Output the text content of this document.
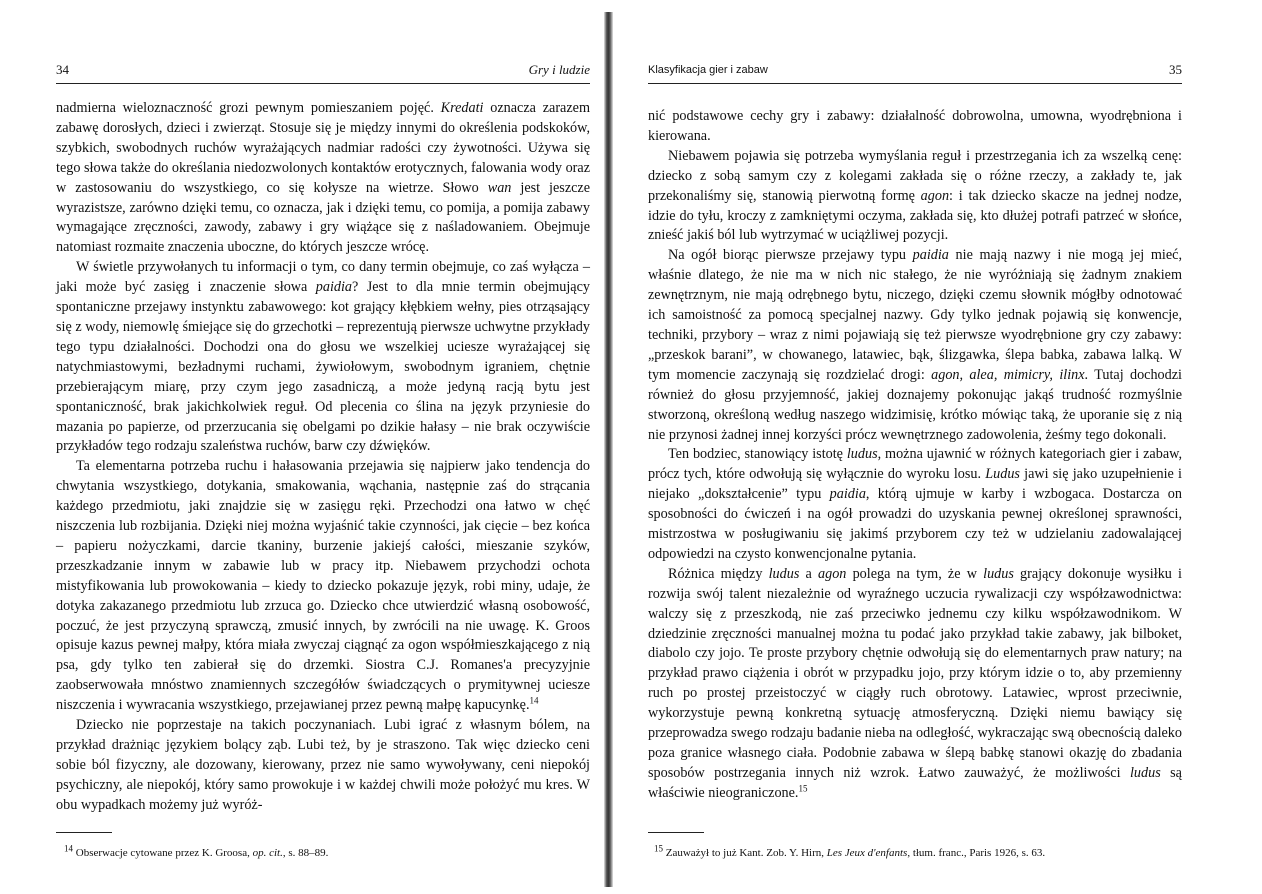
34	Gry i ludzie

nadmierna wieloznaczność grozi pewnym pomieszaniem pojęć. Kredati oznacza zarazem zabawę dorosłych, dzieci i zwierząt. Stosuje się je między innymi do określenia podskoków, szybkich, swobodnych ruchów wyrażających nadmiar radości czy żywotności. Używa się tego słowa także do określania niedozwolonych kontaktów erotycznych, falowania wody oraz w zastosowaniu do wszystkiego, co się kołysze na wietrze. Słowo wan jest jeszcze wyrazistsze, zarówno dzięki temu, co oznacza, jak i dzięki temu, co pomija, a pomija zabawy wymagające zręczności, zawody, zabawy i gry wiążące się z naśladowaniem. Obejmuje natomiast rozmaite znaczenia uboczne, do których jeszcze wrócę.

W świetle przywołanych tu informacji o tym, co dany termin obejmuje, co zaś wyłącza – jaki może być zasięg i znaczenie słowa paidia? Jest to dla mnie termin obejmujący spontaniczne przejawy instynktu zabawowego: kot grający kłębkiem wełny, pies otrząsający się z wody, niemowlę śmiejące się do grzechotki – reprezentują pierwsze uchwytne przykłady tego typu działalności. Dochodzi ona do głosu we wszelkiej uciesze wyrażającej się natychmiastowymi, bezładnymi ruchami, żywiołowym, swobodnym igraniem, chętnie przebierającym miarę, przy czym jego zasadniczą, a może jedyną racją bytu jest spontaniczność, brak jakichkolwiek reguł. Od plecenia co ślina na język przyniesie do mazania po papierze, od przerzucania się obelgami po dzikie hałasy – nie brak oczywiście przykładów tego rodzaju szaleństwa ruchów, barw czy dźwięków.

Ta elementarna potrzeba ruchu i hałasowania przejawia się najpierw jako tendencja do chwytania wszystkiego, dotykania, smakowania, wąchania, następnie zaś do strącania każdego przedmiotu, jaki znajdzie się w zasięgu ręki. Przechodzi ona łatwo w chęć niszczenia lub rozbijania. Dzięki niej można wyjaśnić takie czynności, jak cięcie – bez końca – papieru nożyczkami, darcie tkaniny, burzenie jakiejś całości, mieszanie szyków, przeszkadzanie innym w zabawie lub w pracy itp. Niebawem przychodzi ochota mistyfikowania lub prowokowania – kiedy to dziecko pokazuje język, robi miny, udaje, że dotyka zakazanego przedmiotu lub zrzuca go. Dziecko chce utwierdzić własną osobowość, poczuć, że jest przyczyną sprawczą, zmusić innych, by zwrócili na nie uwagę. K. Groos opisuje kazus pewnej małpy, która miała zwyczaj ciągnąć za ogon współmieszkającego z nią psa, gdy tylko ten zabierał się do drzemki. Siostra C.J. Romanes'a precyzyjnie zaobserwowała mnóstwo znamiennych szczegółów świadczących o prymitywnej uciesze niszczenia i wywracania wszystkiego, przejawianej przez pewną małpę kapucynkę.$^{14}$

Dziecko nie poprzestaje na takich poczynaniach. Lubi igrać z własnym bólem, na przykład drażniąc językiem bolący ząb. Lubi też, by je straszono. Tak więc dziecko ceni sobie ból fizyczny, ale dozowany, kierowany, przez nie samo wywoływany, ceni niepokój psychiczny, ale niepokój, który samo prowokuje i w każdej chwili może położyć mu kres. W obu wypadkach możemy już wyróż-

$^{14}$ Obserwacje cytowane przez K. Groosa, op. cit., s. 88–89.
Klasyfikacja gier i zabaw	35

nić podstawowe cechy gry i zabawy: działalność dobrowolna, umowna, wyodrębniona i kierowana.

Niebawem pojawia się potrzeba wymyślania reguł i przestrzegania ich za wszelką cenę: dziecko z sobą samym czy z kolegami zakłada się o różne rzeczy, a zakłady te, jak przekonaliśmy się, stanowią pierwotną formę agon: i tak dziecko skacze na jednej nodze, idzie do tyłu, kroczy z zamkniętymi oczyma, zakłada się, kto dłużej potrafi patrzeć w słońce, znieść jakiś ból lub wytrzymać w uciążliwej pozycji.

Na ogół biorąc pierwsze przejawy typu paidia nie mają nazwy i nie mogą jej mieć, właśnie dlatego, że nie ma w nich nic stałego, że nie wyróżniają się żadnym znakiem zewnętrznym, nie mają odrębnego bytu, niczego, dzięki czemu słownik mógłby odnotować ich samoistność za pomocą specjalnej nazwy. Gdy tylko jednak pojawią się konwencje, techniki, przybory – wraz z nimi pojawiają się też pierwsze wyodrębnione gry czy zabawy: „przeskok barani”, w chowanego, latawiec, bąk, ślizgawka, ślepa babka, zabawa lalką. W tym momencie zaczynają się rozdzielać drogi: agon, alea, mimicry, ilinx. Tutaj dochodzi również do głosu przyjemność, jakiej doznajemy pokonując jakąś trudność rozmyślnie stworzoną, określoną według naszego widzimisię, krótko mówiąc taką, że uporanie się z nią nie przynosi żadnej innej korzyści prócz wewnętrznego zadowolenia, żeśmy tego dokonali.

Ten bodziec, stanowiący istotę ludus, można ujawnić w różnych kategoriach gier i zabaw, prócz tych, które odwołują się wyłącznie do wyroku losu. Ludus jawi się jako uzupełnienie i niejako „dokształcenie” typu paidia, którą ujmuje w karby i wzbogaca. Dostarcza on sposobności do ćwiczeń i na ogół prowadzi do uzyskania pewnej określonej sprawności, mistrzostwa w posługiwaniu się jakimś przyborem czy też w udzielaniu zadowalającej odpowiedzi na czysto konwencjonalne pytania.

Różnica między ludus a agon polega na tym, że w ludus grający dokonuje wysiłku i rozwija swój talent niezależnie od wyraźnego uczucia rywalizacji czy współzawodnictwa: walczy się z przeszkodą, nie zaś przeciwko jednemu czy kilku współzawodnikom. W dziedzinie zręczności manualnej można tu podać jako przykład takie zabawy, jak bilboket, diabolo czy jojo. Te proste przybory chętnie odwołują się do elementarnych praw natury; na przykład prawo ciążenia i obrót w przypadku jojo, przy którym idzie o to, aby przemienny ruch po prostej przeistoczyć w ciągły ruch obrotowy. Latawiec, wprost przeciwnie, wykorzystuje pewną konkretną sytuację atmosferyczną. Dzięki niemu bawiący się przeprowadza swego rodzaju badanie nieba na odległość, wykraczając swą obecnością daleko poza granice własnego ciała. Podobnie zabawa w ślepą babkę stanowi okazję do zbadania sposobów postrzegania innych niż wzrok. Łatwo zauważyć, że możliwości ludus są właściwie nieograniczone.$^{15}$

$^{15}$ Zauważył to już Kant. Zob. Y. Hirn, Les Jeux d'enfants, tłum. franc., Paris 1926, s. 63.
